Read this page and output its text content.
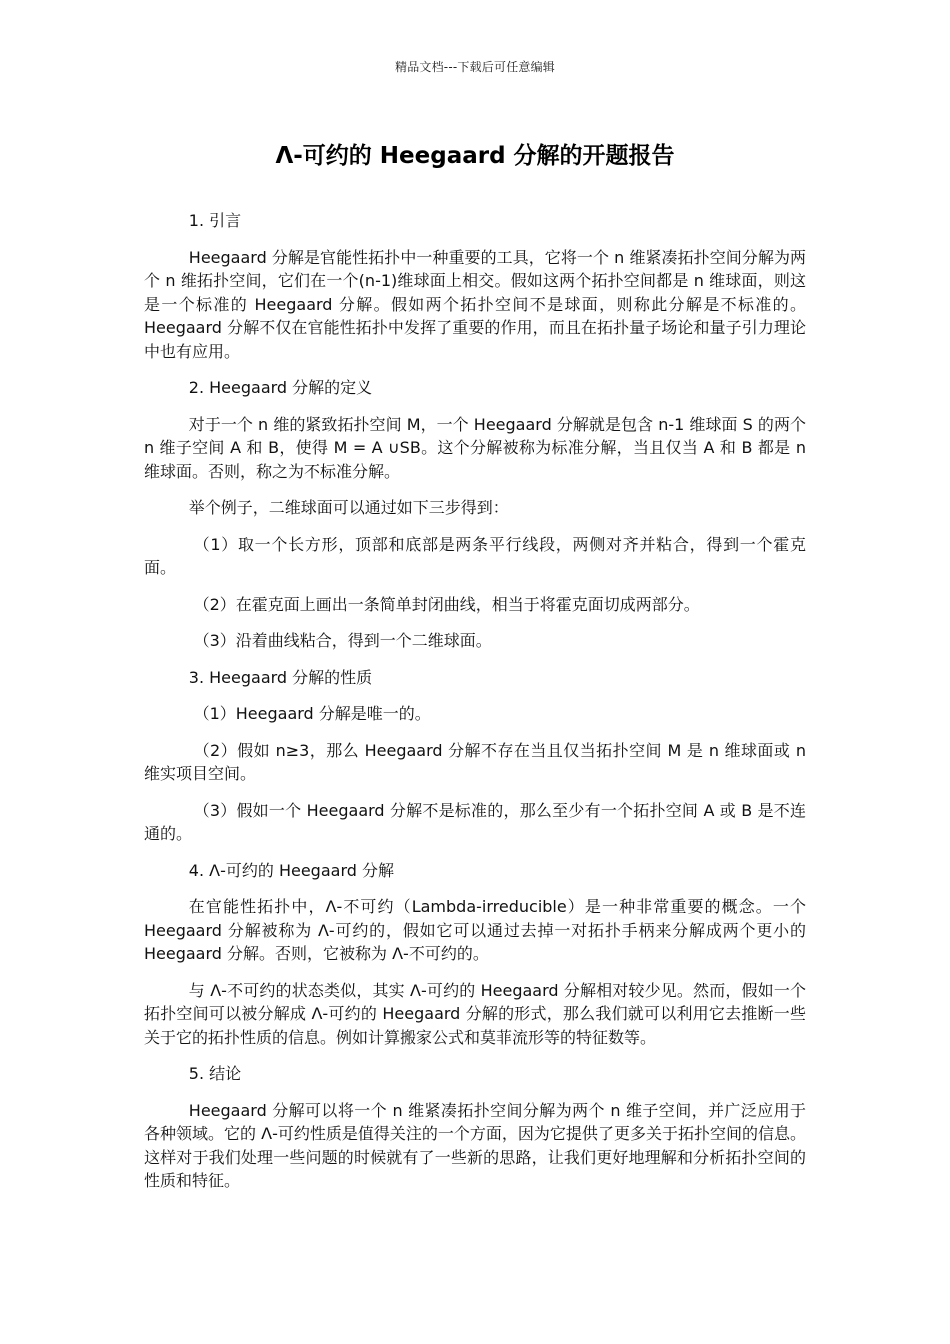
精品文档---下载后可任意编辑
Λ-可约的 Heegaard 分解的开题报告

1. 引言

Heegaard 分解是官能性拓扑中一种重要的工具，它将一个 n 维紧凑拓扑空间分解为两个 n 维拓扑空间，它们在一个(n-1)维球面上相交。假如这两个拓扑空间都是 n 维球面，则这是一个标准的 Heegaard 分解。假如两个拓扑空间不是球面，则称此分解是不标准的。Heegaard 分解不仅在官能性拓扑中发挥了重要的作用，而且在拓扑量子场论和量子引力理论中也有应用。

2. Heegaard 分解的定义

对于一个 n 维的紧致拓扑空间 M，一个 Heegaard 分解就是包含 n-1 维球面 S 的两个 n 维子空间 A 和 B，使得 M = A ∪SB。这个分解被称为标准分解，当且仅当 A 和 B 都是 n 维球面。否则，称之为不标准分解。

举个例子，二维球面可以通过如下三步得到：

（1）取一个长方形，顶部和底部是两条平行线段，两侧对齐并粘合，得到一个霍克面。

（2）在霍克面上画出一条简单封闭曲线，相当于将霍克面切成两部分。

（3）沿着曲线粘合，得到一个二维球面。

3. Heegaard 分解的性质

（1）Heegaard 分解是唯一的。

（2）假如 n≥3，那么 Heegaard 分解不存在当且仅当拓扑空间 M 是 n 维球面或 n 维实项目空间。

（3）假如一个 Heegaard 分解不是标准的，那么至少有一个拓扑空间 A 或 B 是不连通的。

4. Λ-可约的 Heegaard 分解

在官能性拓扑中，Λ-不可约（Lambda-irreducible）是一种非常重要的概念。一个 Heegaard 分解被称为 Λ-可约的，假如它可以通过去掉一对拓扑手柄来分解成两个更小的 Heegaard 分解。否则，它被称为 Λ-不可约的。

与 Λ-不可约的状态类似，其实 Λ-可约的 Heegaard 分解相对较少见。然而，假如一个拓扑空间可以被分解成 Λ-可约的 Heegaard 分解的形式，那么我们就可以利用它去推断一些关于它的拓扑性质的信息。例如计算搬家公式和莫菲流形等的特征数等。

5. 结论

Heegaard 分解可以将一个 n 维紧凑拓扑空间分解为两个 n 维子空间，并广泛应用于各种领域。它的 Λ-可约性质是值得关注的一个方面，因为它提供了更多关于拓扑空间的信息。这样对于我们处理一些问题的时候就有了一些新的思路，让我们更好地理解和分析拓扑空间的性质和特征。
